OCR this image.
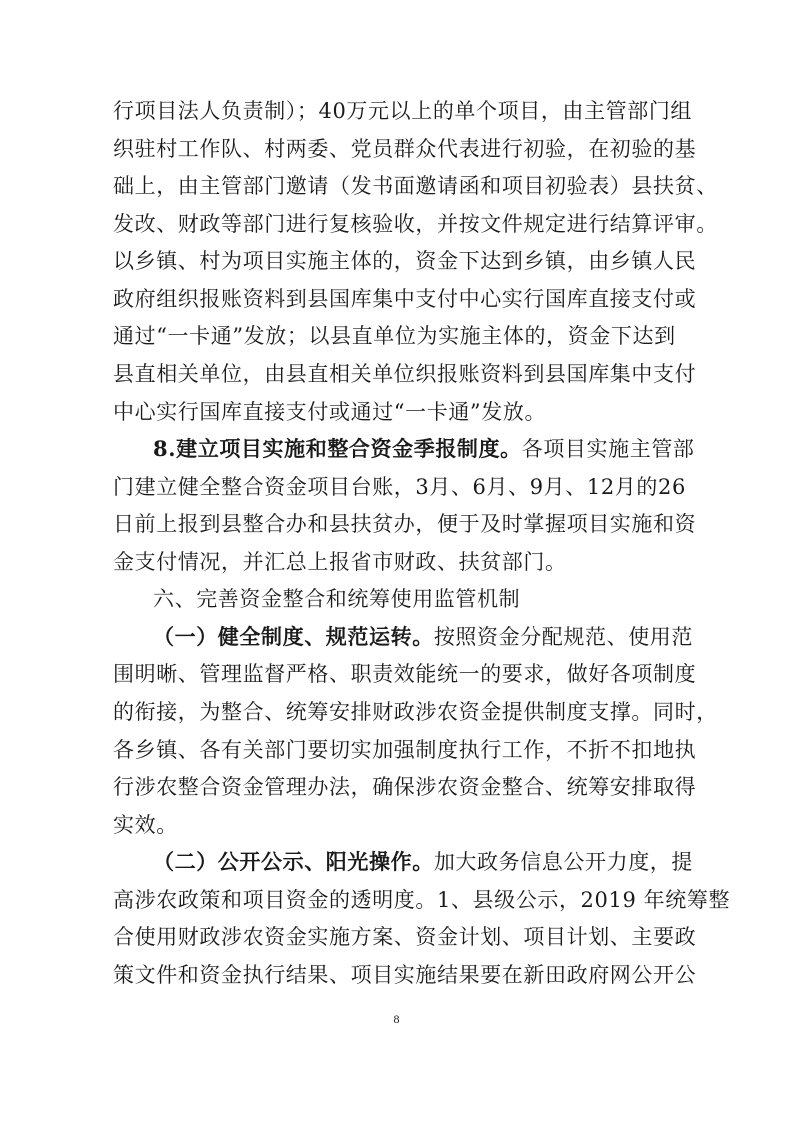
行项目法人负责制）；40万元以上的单个项目，由主管部门组
织驻村工作队、村两委、党员群众代表进行初验，在初验的基
础上，由主管部门邀请（发书面邀请函和项目初验表）县扶贫、
发改、财政等部门进行复核验收，并按文件规定进行结算评审。
以乡镇、村为项目实施主体的，资金下达到乡镇，由乡镇人民
政府组织报账资料到县国库集中支付中心实行国库直接支付或
通过“一卡通”发放；以县直单位为实施主体的，资金下达到
县直相关单位，由县直相关单位织报账资料到县国库集中支付
中心实行国库直接支付或通过“一卡通”发放。
8.建立项目实施和整合资金季报制度。各项目实施主管部
门建立健全整合资金项目台账，3月、6月、9月、12月的26
日前上报到县整合办和县扶贫办，便于及时掌握项目实施和资
金支付情况，并汇总上报省市财政、扶贫部门。
六、完善资金整合和统筹使用监管机制
（一）健全制度、规范运转。按照资金分配规范、使用范
围明晰、管理监督严格、职责效能统一的要求，做好各项制度
的衔接，为整合、统筹安排财政涉农资金提供制度支撑。同时，
各乡镇、各有关部门要切实加强制度执行工作，不折不扣地执
行涉农整合资金管理办法，确保涉农资金整合、统筹安排取得
实效。
（二）公开公示、阳光操作。加大政务信息公开力度，提
高涉农政策和项目资金的透明度。1、县级公示，2019 年统筹整
合使用财政涉农资金实施方案、资金计划、项目计划、主要政
策文件和资金执行结果、项目实施结果要在新田政府网公开公
8
